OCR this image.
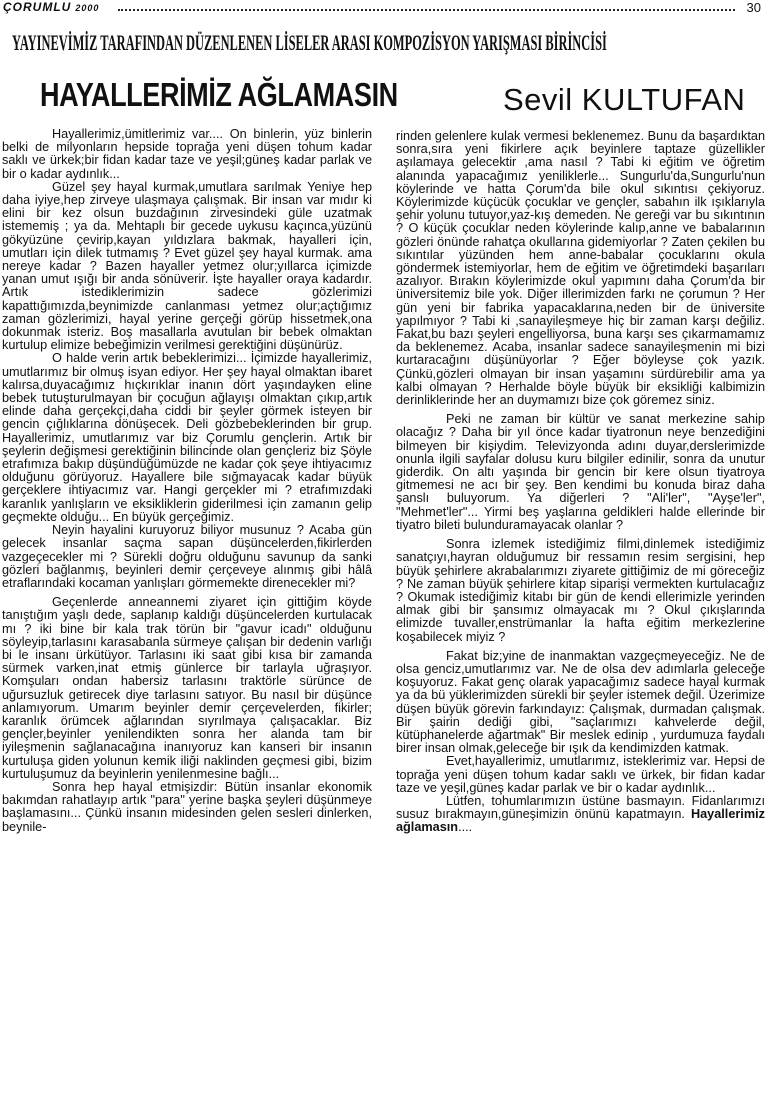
ÇORUMLU 2000	30
YAYINEVİMİZ TARAFINDAN DÜZENLENEN LİSELER ARASI KOMPOZİSYON YARIŞMASI BİRİNCİSİ
HAYALLERİMİZ AĞLAMASIN	Sevil KULTUFAN

Hayallerimiz,ümitlerimiz var.... On binlerin, yüz binlerin belki de milyonların hepside toprağa yeni düşen tohum kadar saklı ve ürkek;bir fidan kadar taze ve yeşil;güneş kadar parlak ve bir o kadar aydınlık...

Güzel şey hayal kurmak,umutlara sarılmak Yeniye hep daha iyiye,hep zirveye ulaşmaya çalışmak. Bir insan var mıdır ki elini bir kez olsun buzdağının zirvesindeki güle uzatmak istememiş ; ya da. Mehtaplı bir gecede uykusu kaçınca,yüzünü gökyüzüne çevirip,kayan yıldızlara bakmak, hayalleri için, umutları için dilek tutmamış ? Evet güzel şey hayal kurmak. ama nereye kadar ? Bazen hayaller yetmez olur;yıllarca içimizde yanan umut ışığı bir anda sönüverir. İşte hayaller oraya kadardır. Artık istediklerimizin sadece gözlerimizi kapattığımızda,beynimizde canlanması yetmez olur;açtığımız zaman gözlerimizi, hayal yerine gerçeği görüp hissetmek,ona dokunmak isteriz. Boş masallarla avutulan bir bebek olmaktan kurtulup elimize bebeğimizin verilmesi gerektiğini düşünürüz.

O halde verin artık bebeklerimizi... İçimizde hayallerimiz, umutlarımız bir olmuş isyan ediyor. Her şey hayal olmaktan ibaret kalırsa,duyacağımız hıçkırıklar inanın dört yaşındayken eline bebek tutuşturulmayan bir çocuğun ağlayışı olmaktan çıkıp,artık elinde daha gerçekçi,daha ciddi bir şeyler görmek isteyen bir gencin çığlıklarına dönüşecek. Deli gözbebeklerinden bir grup. Hayallerimiz, umutlarımız var biz Çorumlu gençlerin. Artık bir şeylerin değişmesi gerektiğinin bilincinde olan gençleriz biz Şöyle etrafımıza bakıp düşündüğümüzde ne kadar çok şeye ihtiyacımız olduğunu görüyoruz. Hayallere bile sığmayacak kadar büyük gerçeklere ihtiyacımız var. Hangi gerçekler mi ? etrafımızdaki karanlık yanlışların ve eksikliklerin giderilmesi için zamanın gelip geçmekte olduğu... En büyük gerçeğimiz.

Neyin hayalini kuruyoruz biliyor musunuz ? Acaba gün gelecek insanlar saçma sapan düşüncelerden,fikirlerden vazgeçecekler mi ? Sürekli doğru olduğunu savunup da sanki gözleri bağlanmış, beyinleri demir çerçeveye alınmış gibi hâlâ etraflarındaki kocaman yanlışları görmemekte direnecekler mi?

Geçenlerde anneannemi ziyaret için gittiğim köyde tanıştığım yaşlı dede, saplanıp kaldığı düşüncelerden kurtulacak mı ? iki bine bir kala trak törün bir "gavur icadı" olduğunu söyleyip,tarlasını karasabanla sürmeye çalışan bir dedenin varlığı bi le insanı ürkütüyor. Tarlasını iki saat gibi kısa bir zamanda sürmek varken,inat etmiş günlerce bir tarlayla uğraşıyor. Komşuları ondan habersiz tarlasını traktörle sürünce de uğursuzluk getirecek diye tarlasını satıyor. Bu nasıl bir düşünce anlamıyorum. Umarım beyinler demir çerçevelerden, fikirler; karanlık örümcek ağlarından sıyrılmaya çalışacaklar. Biz gençler,beyinler yenilendikten sonra her alanda tam bir iyileşmenin sağlanacağına inanıyoruz kan kanseri bir insanın kurtuluşa giden yolunun kemik iliği naklinden geçmesi gibi, bizim kurtuluşumuz da beyinlerin yenilenmesine bağlı...

Sonra hep hayal etmişizdir: Bütün insanlar ekonomik bakımdan rahatlayıp artık "para" yerine başka şeyleri düşünmeye başlamasını... Çünkü insanın midesinden gelen sesleri dinlerken, beynile-

rinden gelenlere kulak vermesi beklenemez. Bunu da başardıktan sonra,sıra yeni fikirlere açık beyinlere taptaze güzellikler aşılamaya gelecektir ,ama nasıl ? Tabi ki eğitim ve öğretim alanında yapacağımız yeniliklerle... Sungurlu'da,Sungurlu'nun köylerinde ve hatta Çorum'da bile okul sıkıntısı çekiyoruz. Köylerimizde küçücük çocuklar ve gençler, sabahın ilk ışıklarıyla şehir yolunu tutuyor,yaz-kış demeden. Ne gereği var bu sıkıntının ? O küçük çocuklar neden köylerinde kalıp,anne ve babalarının gözleri önünde rahatça okullarına gidemiyorlar ? Zaten çekilen bu sıkıntılar yüzünden hem anne-babalar çocuklarını okula göndermek istemiyorlar, hem de eğitim ve öğretimdeki başarıları azalıyor. Bırakın köylerimizde okul yapımını daha Çorum'da bir üniversitemiz bile yok. Diğer illerimizden farkı ne çorumun ? Her gün yeni bir fabrika yapacaklarına,neden bir de üniversite yapılmıyor ? Tabi ki ,sanayileşmeye hiç bir zaman karşı değiliz. Fakat,bu bazı şeyleri engelliyorsa, buna karşı ses çıkarmamamız da beklenemez. Acaba, insanlar sadece sanayileşmenin mi bizi kurtaracağını düşünüyorlar ? Eğer böyleyse çok yazık. Çünkü,gözleri olmayan bir insan yaşamını sürdürebilir ama ya kalbi olmayan ? Herhalde böyle büyük bir eksikliği kalbimizin derinliklerinde her an duymamızı bize çok göremez siniz.

Peki ne zaman bir kültür ve sanat merkezine sahip olacağız ? Daha bir yıl önce kadar tiyatronun neye benzediğini bilmeyen bir kişiydim. Televizyonda adını duyar,derslerimizde onunla ilgili sayfalar dolusu kuru bilgiler edinilir, sonra da unutur giderdik. On altı yaşında bir gencin bir kere olsun tiyatroya gitmemesi ne acı bir şey. Ben kendimi bu konuda biraz daha şanslı buluyorum. Ya diğerleri ? "Ali'ler", "Ayşe'ler", "Mehmet'ler"... Yirmi beş yaşlarına geldikleri halde ellerinde bir tiyatro bileti bulunduramayacak olanlar ?

Sonra izlemek istediğimiz filmi,dinlemek istediğimiz sanatçıyı,hayran olduğumuz bir ressamın resim sergisini, hep büyük şehirlere akrabalarımızı ziyarete gittiğimiz de mi göreceğiz ? Ne zaman büyük şehirlere kitap siparişi vermekten kurtulacağız ? Okumak istediğimiz kitabı bir gün de kendi ellerimizle yerinden almak gibi bir şansımız olmayacak mı ? Okul çıkışlarında elimizde tuvaller,enstrümanlar la hafta eğitim merkezlerine koşabilecek miyiz ?

Fakat biz;yine de inanmaktan vazgeçmeyeceğiz. Ne de olsa genciz,umutlarımız var. Ne de olsa dev adımlarla geleceğe koşuyoruz. Fakat genç olarak yapacağımız sadece hayal kurmak ya da bü yüklerimizden sürekli bir şeyler istemek değil. Üzerimize düşen büyük görevin farkındayız: Çalışmak, durmadan çalışmak. Bir şairin dediği gibi, "saçlarımızı kahvelerde değil, kütüphanelerde ağartmak" Bir meslek edinip , yurdumuza faydalı birer insan olmak,geleceğe bir ışık da kendimizden katmak.

Evet,hayallerimiz, umutlarımız, isteklerimiz var. Hepsi de toprağa yeni düşen tohum kadar saklı ve ürkek, bir fidan kadar taze ve yeşil,güneş kadar parlak ve bir o kadar aydınlık...

Lütfen, tohumlarımızın üstüne basmayın. Fidanlarımızı susuz bırakmayın,güneşimizin önünü kapatmayın. Hayallerimiz ağlamasın....
